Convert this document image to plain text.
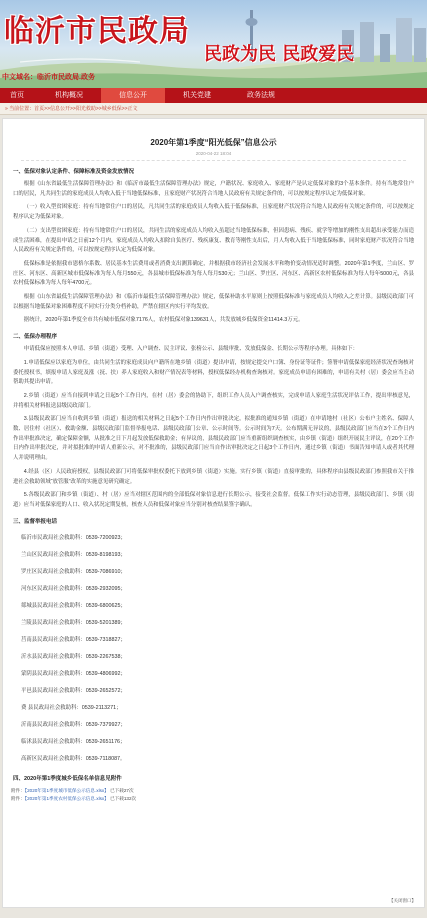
临沂市民政局
民政为民 民政爱民
中文域名：临沂市民政局.政务
首页	机构概况	信息公开	机关党建	政务法规
» 当前位置：首页>>信息公开>>阳光救助>>城乡低保>>正文
2020年第1季度“阳光低保”信息公示
2020-04-22 18:04
一、低保对象认定条件、保障标准及资金发放情况
根据《山东省最低生活保障管理办法》和《临沂市最低生活保障管理办法》规定，户籍状况、家庭收入、家庭财产是认定低保对象的3个基本条件。持有当地常住户口的居民，凡共同生活的家庭成员人均收入低于当地低保标准，且家庭财产状况符合当地人民政府有关规定条件的，可以按规定程序认定为低保对象。
（一）收入型贫困家庭：持有当地常住户口的居民，凡共同生活的家庭成员人均收入低于低保标准，且家庭财产状况符合当地人民政府有关规定条件的，可以按规定程序认定为低保对象。
（二）支出型贫困家庭：持有当地常住户口的居民，共同生活的家庭成员人均收入虽超过当地低保标准，但因患病、残疾、就学等增加的刚性支出超出承受能力而造成生活困难，在提出申请之日前12个月内，家庭成员人均收入扣除自负医疗、残疾康复、教育等刚性支出后，月人均收入低于当地低保标准，同时家庭财产状况符合当地人民政府有关规定条件的，可以按规定程序认定为低保对象。
低保标准是依据我市恩格尔系数、居民基本生活费用或者消费支出测算确定，并根据我市经济社会发展水平和物价变动情况适时调整。2020年第1季度，兰山区、罗庄区、河东区、高新区城市低保标准为每人每月550元，各县城市低保标准为每人每月530元；兰山区、罗庄区、河东区、高新区农村低保标准为每人每年5000元，各县农村低保标准为每人每年4700元。
根据《山东省最低生活保障管理办法》和《临沂市最低生活保障管理办法》规定，低保补助水平原则上按照低保标准与家庭成员人均收入之差计算。县级民政部门可以根据当地低保对象困难程度不同实行分类分档补助，严禁在辖区内实行平均发放。
据统计，2020年第1季度全市共有城市低保对象7176人，农村低保对象139631人，共发放城乡低保资金11414.3万元。
二、低保办理程序
申请低保应按照本人申请、乡镇（街道）受理、入户调查、民主评议、张榜公示、县级审批、发放低保金、长期公示等程序办理。具体如下：
1.申请低保应以家庭为单位，由共同生活的家庭成员向户籍所在地乡镇（街道）提出申请，按规定提交户口簿、身份证等证件；签署申请低保家庭经济状况查询核对委托授权书，填报申请人家庭及涨（抚、扶）养人家庭收入和财产情况表等材料，授权低保经办机构查询核对。家庭成员申请有困难的，申请有关村（居）委会应当主动帮助其提出申请。
2.乡镇（街道）应当自接到申请之日起5个工作日内，在村（居）委会的协助下，组织工作人员入户调查核实，完成申请人家庭生活状况评估工作，提出审核意见，并将相关材料报送县级民政部门。
3.县级民政部门应当自收到乡镇（街道）报送的相关材料之日起5个工作日内作出审批决定，拟批准的通知乡镇（街道）在申请地村（社区）公布户主姓名、保障人数、居住村（社区）、救助金额、县级民政部门监督举报电话、县级民政部门公章、公示时间等。公示时间为7天。公布期满无异议的，县级民政部门应当在3个工作日内作出审批准决定，确定保障金额，从批准之日下月起发放低保救助金；有异议的，县级民政部门应当重新组织调查核实，由乡镇（街道）组织开展民主评议，在20个工作日内作出审批决定，并对拟批准的申请人重新公示，对不批准的，县级民政部门应当自作出审批决定之日起3个工作日内，通过乡镇（街道）书面告知申请人或者其代理人并说明理由。
4.经县（区）人民政府授权，县级民政部门可将低保审批权委托下放到乡镇（街道）实施。实行乡镇（街道）直接审批的，具体程序由县级民政部门参照我市关于推进社会救助领域“放管服”改革的实施意见研究确定。
5.各级民政部门和乡镇（街道）、村（居）应当对辖区范围内的全部低保对象信息进行长期公示，接受社会监督。低保工作实行动态管理，县级民政部门、乡镇（街道）应当对低保家庭的人口、收入状况定期复核，核查人员和低保对象应当分别对核查结果签字确认。
三、监督举报电话
临沂市民政局社会救助科：0539-7200923；
兰山区民政局社会救助科：0539-8198193；
罗庄区民政局社会救助科：0539-7086910；
河东区民政局社会救助科：0539-2932095；
郯城县民政局社会救助科：0539-6800625；
兰陵县民政局社会救助科：0539-5201389；
莒南县民政局社会救助科：0539-7318827；
沂水县民政局社会救助科：0539-2267538；
蒙阴县民政局社会救助科：0539-4806992；
平邑县民政局社会救助科：0539-2652572；
费 县民政局社会救助科：0539-2113271；
沂南县民政局社会救助科：0539-7379927；
临沭县民政局社会救助科：0539-2651176；
高新区民政局社会救助科：0539-7118087。
四、2020年第1季度城乡低保名单信息见附件
附件：【2020年第1季度城市低保公示信息.xlsx】 已下载27次
附件：【2020年第1季度农村低保公示信息.xlsx】 已下载132次
【关闭窗口】
